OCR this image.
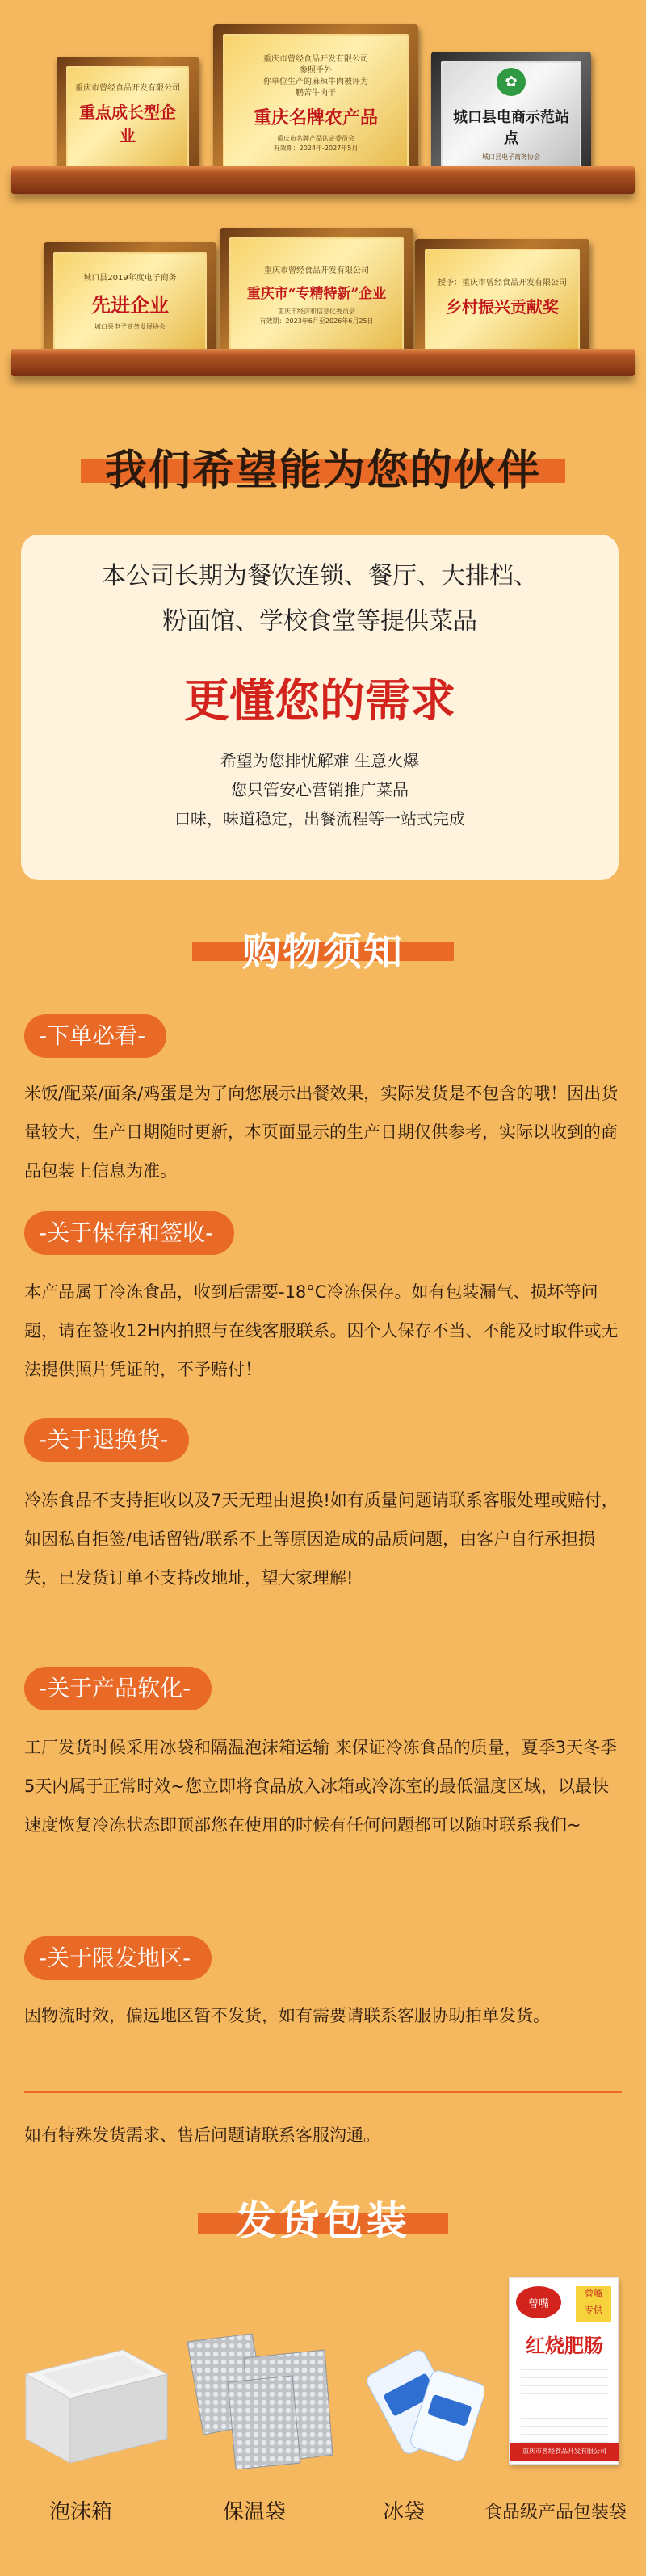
重庆市曾经食品开发有限公司
重点成长型企业
重庆市曾经食品开发有限公司
参照手外
你单位生产的麻辣牛肉被评为
鹏苦牛肉干
重庆名牌农产品
重庆市名牌产品认定委员会
有效期：2024年-2027年5月
✿
城口县电商示范站点
城口县电子商务协会
城口县2019年度电子商务
先进企业
城口县电子商务发展协会
重庆市曾经食品开发有限公司
重庆市“专精特新”企业
重庆市经济和信息化委员会
有效期：2023年6月至2026年6月25日
授予：重庆市曾经食品开发有限公司
乡村振兴贡献奖
我们希望能为您的伙伴
本公司长期为餐饮连锁、餐厅、大排档、
粉面馆、学校食堂等提供菜品
更懂您的需求
希望为您排忧解难 生意火爆
您只管安心营销推广菜品
口味，味道稳定，出餐流程等一站式完成
购物须知
-下单必看-
米饭/配菜/面条/鸡蛋是为了向您展示出餐效果，实际发货是不包含的哦！因出货量较大，生产日期随时更新，本页面显示的生产日期仅供参考，实际以收到的商品包装上信息为准。
-关于保存和签收-
本产品属于冷冻食品，收到后需要-18°C冷冻保存。如有包装漏气、损坏等问题，请在签收12H内拍照与在线客服联系。因个人保存不当、不能及时取件或无法提供照片凭证的，不予赔付！
-关于退换货-
冷冻食品不支持拒收以及7天无理由退换!如有质量问题请联系客服处理或赔付，如因私自拒签/电话留错/联系不上等原因造成的品质问题，由客户自行承担损失，已发货订单不支持改地址，望大家理解!
-关于产品软化-
工厂发货时候采用冰袋和隔温泡沫箱运输 来保证冷冻食品的质量，夏季3天冬季5天内属于正常时效~您立即将食品放入冰箱或冷冻室的最低温度区域，以最快速度恢复冷冻状态即顶部您在使用的时候有任何问题都可以随时联系我们~
-关于限发地区-
因物流时效，偏远地区暂不发货，如有需要请联系客服协助拍单发货。
如有特殊发货需求、售后问题请联系客服沟通。
发货包装
曾嘴
曾嘴
专供
红烧肥肠
重庆市曾经食品开发有限公司
泡沫箱	保温袋	冰袋	食品级产品包装袋
